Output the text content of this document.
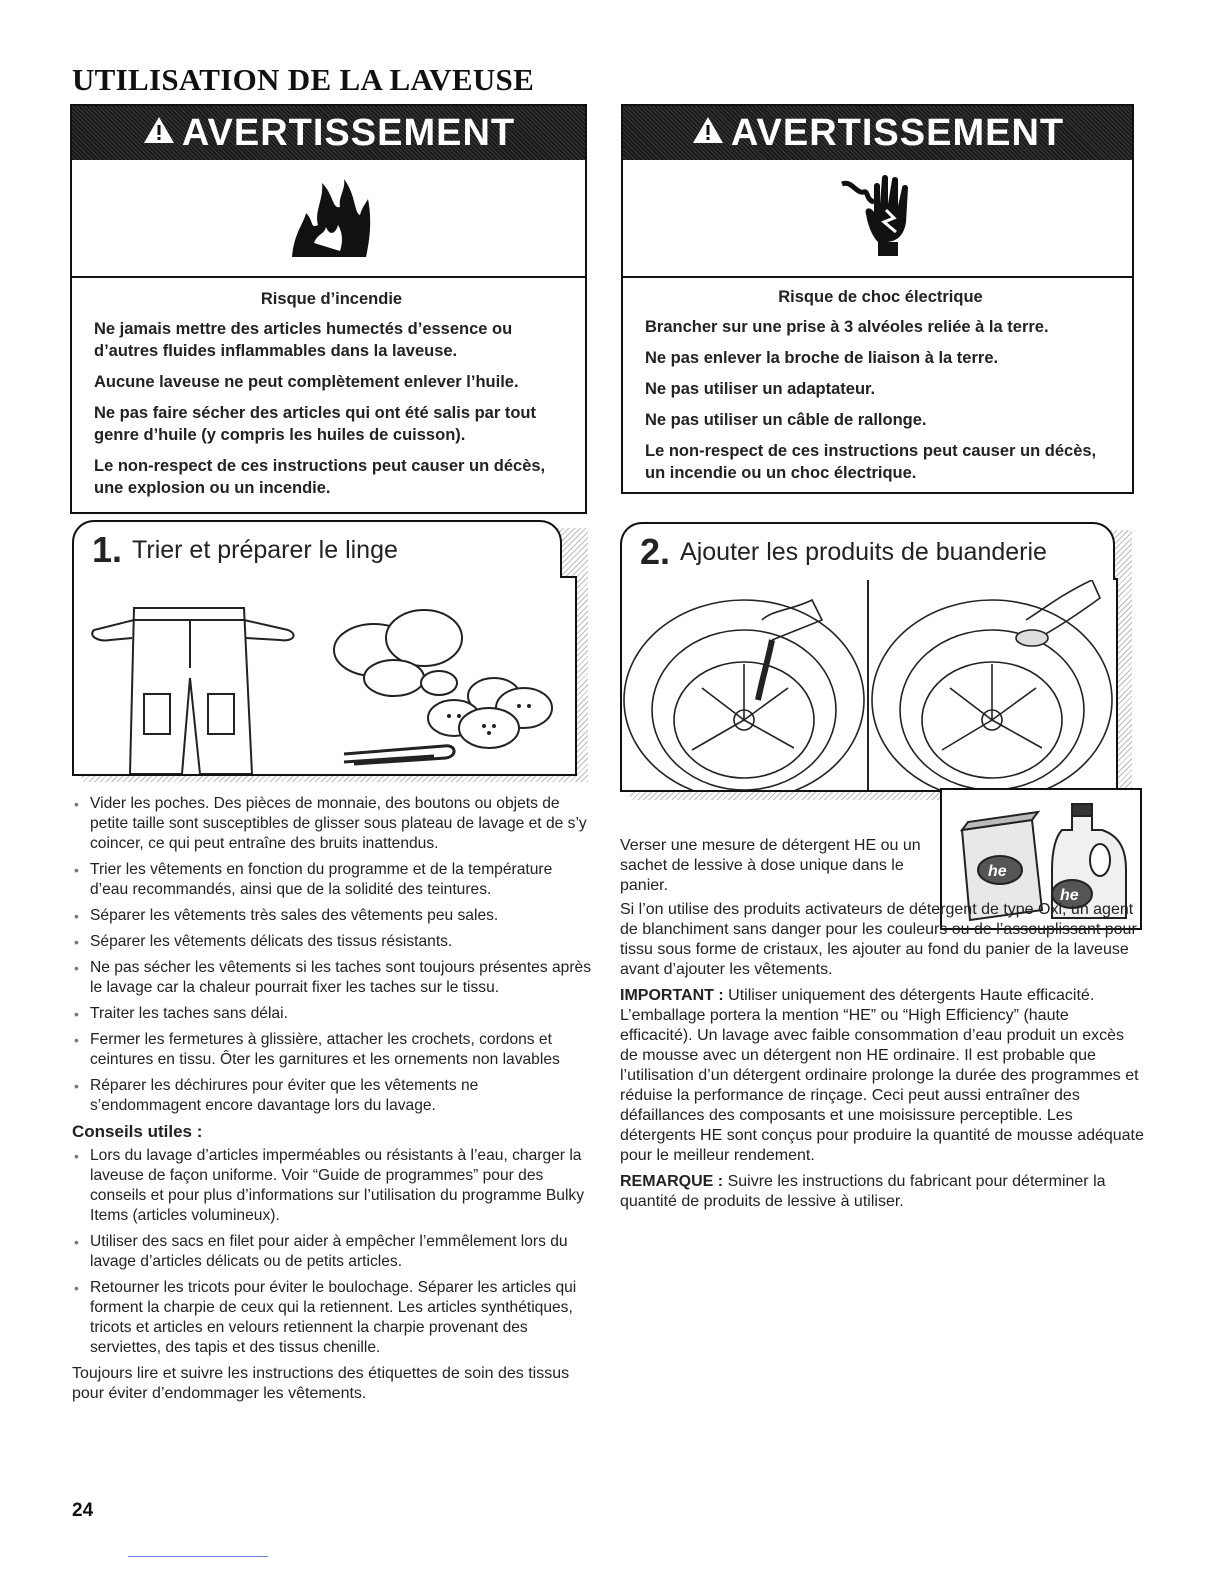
UTILISATION DE LA LAVEUSE
AVERTISSEMENT
Risque d’incendie

Ne jamais mettre des articles humectés d’essence ou d’autres fluides inflammables dans la laveuse.

Aucune laveuse ne peut complètement enlever l’huile.

Ne pas faire sécher des articles qui ont été salis par tout genre d’huile (y compris les huiles de cuisson).

Le non-respect de ces instructions peut causer un décès, une explosion ou un incendie.

AVERTISSEMENT
Risque de choc électrique

Brancher sur une prise à 3 alvéoles reliée à la terre.

Ne pas enlever la broche de liaison à la terre.

Ne pas utiliser un adaptateur.

Ne pas utiliser un câble de rallonge.

Le non-respect de ces instructions peut causer un décès, un incendie ou un choc électrique.

1. Trier et préparer le linge	2. Ajouter les produits de buanderie
he
he
• Vider les poches. Des pièces de monnaie, des boutons ou objets de petite taille sont susceptibles de glisser sous plateau de lavage et de s’y coincer, ce qui peut entraîne des bruits inattendus.
• Trier les vêtements en fonction du programme et de la température d’eau recommandés, ainsi que de la solidité des teintures.
• Séparer les vêtements très sales des vêtements peu sales.
• Séparer les vêtements délicats des tissus résistants.
• Ne pas sécher les vêtements si les taches sont toujours présentes après le lavage car la chaleur pourrait fixer les taches sur le tissu.
• Traiter les taches sans délai.
• Fermer les fermetures à glissière, attacher les crochets, cordons et ceintures en tissu. Ôter les garnitures et les ornements non lavables
• Réparer les déchirures pour éviter que les vêtements ne s’endommagent encore davantage lors du lavage.
Conseils utiles :
• Lors du lavage d’articles imperméables ou résistants à l’eau, charger la laveuse de façon uniforme. Voir “Guide de programmes” pour des conseils et pour plus d’informations sur l’utilisation du programme Bulky Items (articles volumineux).
• Utiliser des sacs en filet pour aider à empêcher l’emmêlement lors du lavage d’articles délicats ou de petits articles.
• Retourner les tricots pour éviter le boulochage. Séparer les articles qui forment la charpie de ceux qui la retiennent. Les articles synthétiques, tricots et articles en velours retiennent la charpie provenant des serviettes, des tapis et des tissus chenille.

Toujours lire et suivre les instructions des étiquettes de soin des tissus pour éviter d’endommager les vêtements.

Verser une mesure de détergent HE ou un sachet de lessive à dose unique dans le panier.

Si l’on utilise des produits activateurs de détergent de type Oxi, un agent de blanchiment sans danger pour les couleurs ou de l’assouplissant pour tissu sous forme de cristaux, les ajouter au fond du panier de la laveuse avant d’ajouter les vêtements.

IMPORTANT : Utiliser uniquement des détergents Haute efficacité. L’emballage portera la mention “HE” ou “High Efficiency” (haute efficacité). Un lavage avec faible consommation d’eau produit un excès de mousse avec un détergent non HE ordinaire. Il est probable que l’utilisation d’un détergent ordinaire prolonge la durée des programmes et réduise la performance de rinçage. Ceci peut aussi entraîner des défaillances des composants et une moisissure perceptible. Les détergents HE sont conçus pour produire la quantité de mousse adéquate pour le meilleur rendement.

REMARQUE : Suivre les instructions du fabricant pour déterminer la quantité de produits de lessive à utiliser.

24
